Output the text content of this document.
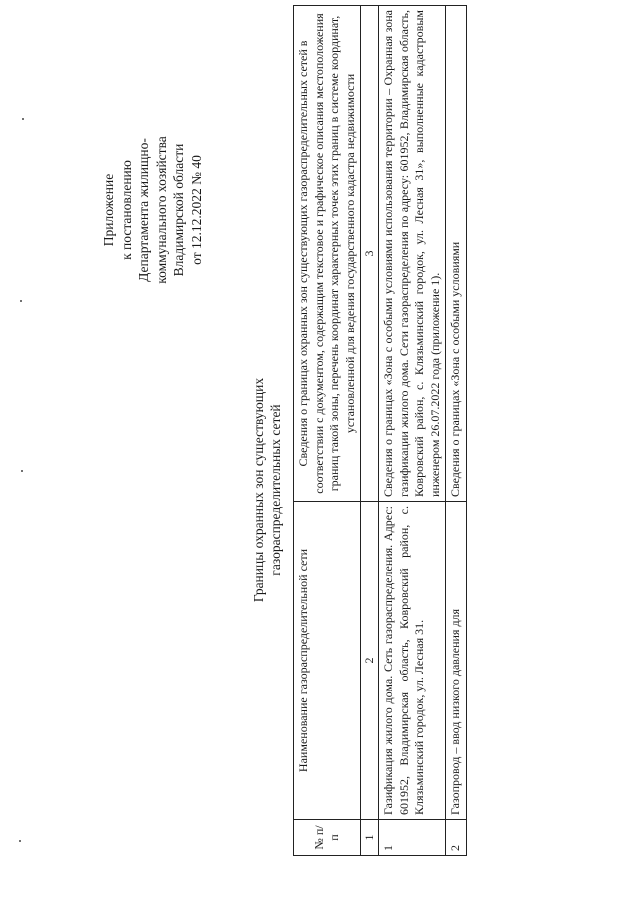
Приложение к постановлению Департамента жилищно- коммунального хозяйства Владимирской области от 12.12.2022 № 40
Границы охранных зон существующих газораспределительных сетей
№ п/п	Наименование газораспределительной сети	Сведения о границах охранных зон существующих газораспределительных сетей в соответствии с документом, содержащим текстовое и графическое описания местоположения границ такой зоны, перечень координат характерных точек этих границ в системе координат, установленной для ведения государственного кадастра недвижимости
1	2	3
1	Газификация жилого дома. Сеть газораспределения. Адрес: 601952, Владимирская область, Ковровский район, с. Клязьминский городок, ул. Лесная 31.	Сведения о границах «Зона с особыми условиями использования территории – Охранная зона газификации жилого дома. Сети газораспределения по адресу: 601952, Владимирская область, Ковровский район, с. Клязьминский городок, ул. Лесная 31», выполненные кадастровым инженером 26.07.2022 года (приложение 1).
2	Газопровод – ввод низкого давления для	Сведения о границах «Зона с особыми условиями
